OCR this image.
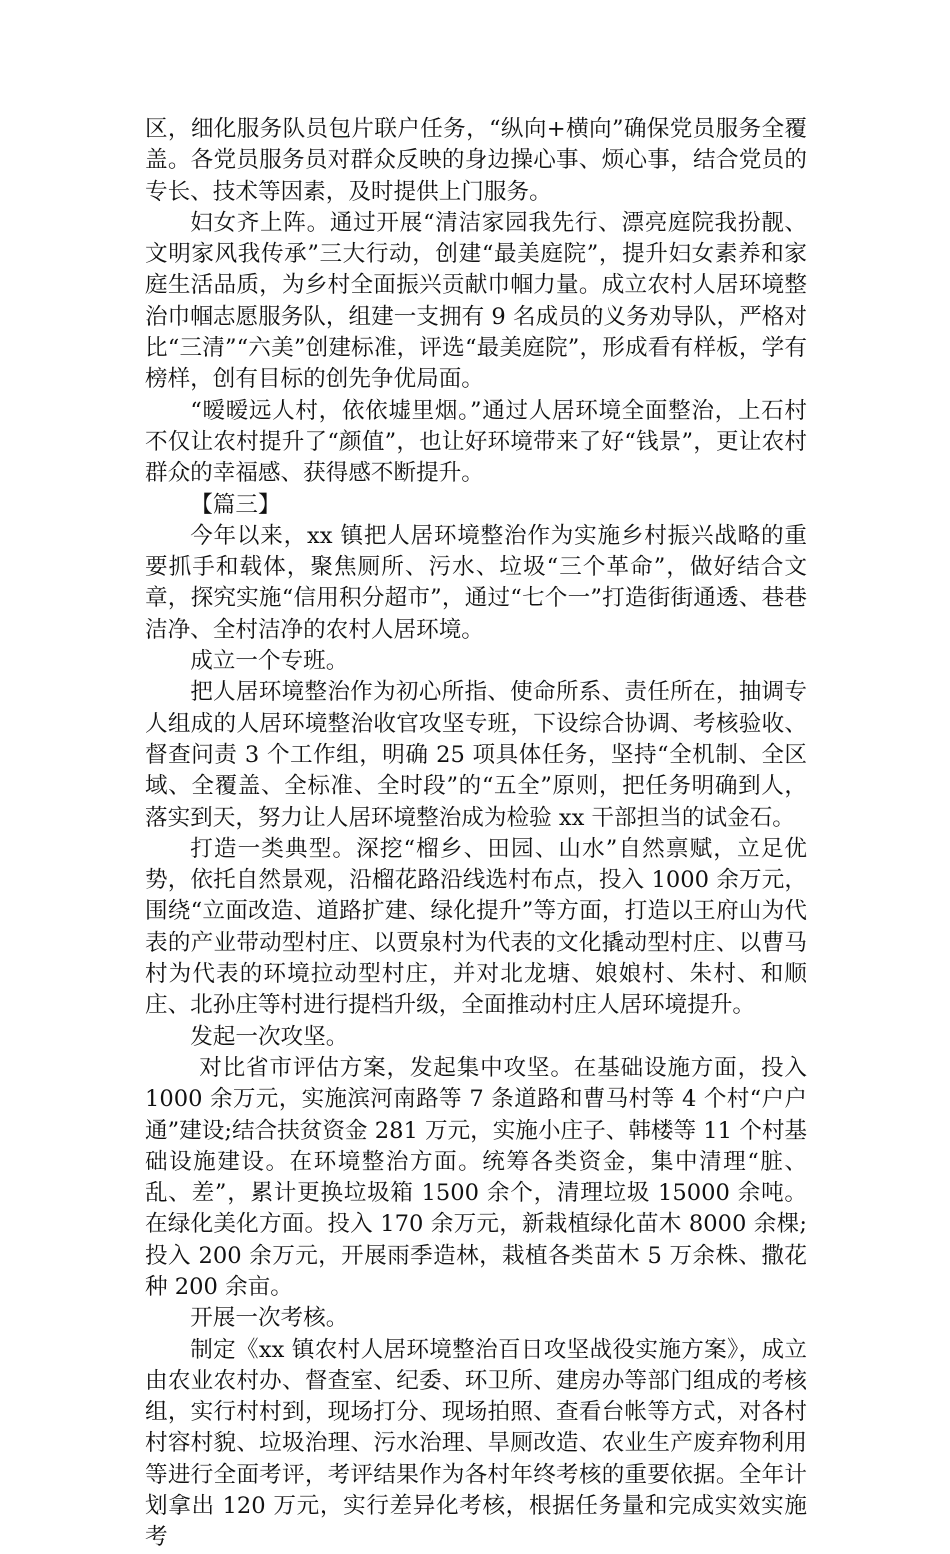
区，细化服务队员包片联户任务，“纵向+横向”确保党员服务全覆盖。各党员服务员对群众反映的身边操心事、烦心事，结合党员的专长、技术等因素，及时提供上门服务。

妇女齐上阵。通过开展“清洁家园我先行、漂亮庭院我扮靓、文明家风我传承”三大行动，创建“最美庭院”，提升妇女素养和家庭生活品质，为乡村全面振兴贡献巾帼力量。成立农村人居环境整治巾帼志愿服务队，组建一支拥有 9 名成员的义务劝导队，严格对比“三清”“六美”创建标准，评选“最美庭院”，形成看有样板，学有榜样，创有目标的创先争优局面。

“暧暧远人村，依依墟里烟。”通过人居环境全面整治，上石村不仅让农村提升了“颜值”，也让好环境带来了好“钱景”，更让农村群众的幸福感、获得感不断提升。

【篇三】

今年以来，xx 镇把人居环境整治作为实施乡村振兴战略的重要抓手和载体，聚焦厕所、污水、垃圾“三个革命”，做好结合文章，探究实施“信用积分超市”，通过“七个一”打造街街通透、巷巷洁净、全村洁净的农村人居环境。

成立一个专班。

把人居环境整治作为初心所指、使命所系、责任所在，抽调专人组成的人居环境整治收官攻坚专班，下设综合协调、考核验收、督查问责 3 个工作组，明确 25 项具体任务，坚持“全机制、全区域、全覆盖、全标准、全时段”的“五全”原则，把任务明确到人，落实到天，努力让人居环境整治成为检验 xx 干部担当的试金石。

打造一类典型。深挖“榴乡、田园、山水”自然禀赋，立足优势，依托自然景观，沿榴花路沿线选村布点，投入 1000 余万元，围绕“立面改造、道路扩建、绿化提升”等方面，打造以王府山为代表的产业带动型村庄、以贾泉村为代表的文化撬动型村庄、以曹马村为代表的环境拉动型村庄，并对北龙塘、娘娘村、朱村、和顺庄、北孙庄等村进行提档升级，全面推动村庄人居环境提升。

发起一次攻坚。

对比省市评估方案，发起集中攻坚。在基础设施方面，投入 1000 余万元，实施滨河南路等 7 条道路和曹马村等 4 个村“户户通”建设;结合扶贫资金 281 万元，实施小庄子、韩楼等 11 个村基础设施建设。在环境整治方面。统筹各类资金，集中清理“脏、乱、差”，累计更换垃圾箱 1500 余个，清理垃圾 15000 余吨。在绿化美化方面。投入 170 余万元，新栽植绿化苗木 8000 余棵;投入 200 余万元，开展雨季造林，栽植各类苗木 5 万余株、撒花种 200 余亩。

开展一次考核。

制定《xx 镇农村人居环境整治百日攻坚战役实施方案》，成立由农业农村办、督查室、纪委、环卫所、建房办等部门组成的考核组，实行村村到，现场打分、现场拍照、查看台帐等方式，对各村村容村貌、垃圾治理、污水治理、旱厕改造、农业生产废弃物利用等进行全面考评，考评结果作为各村年终考核的重要依据。全年计划拿出 120 万元，实行差异化考核，根据任务量和完成实效实施考
